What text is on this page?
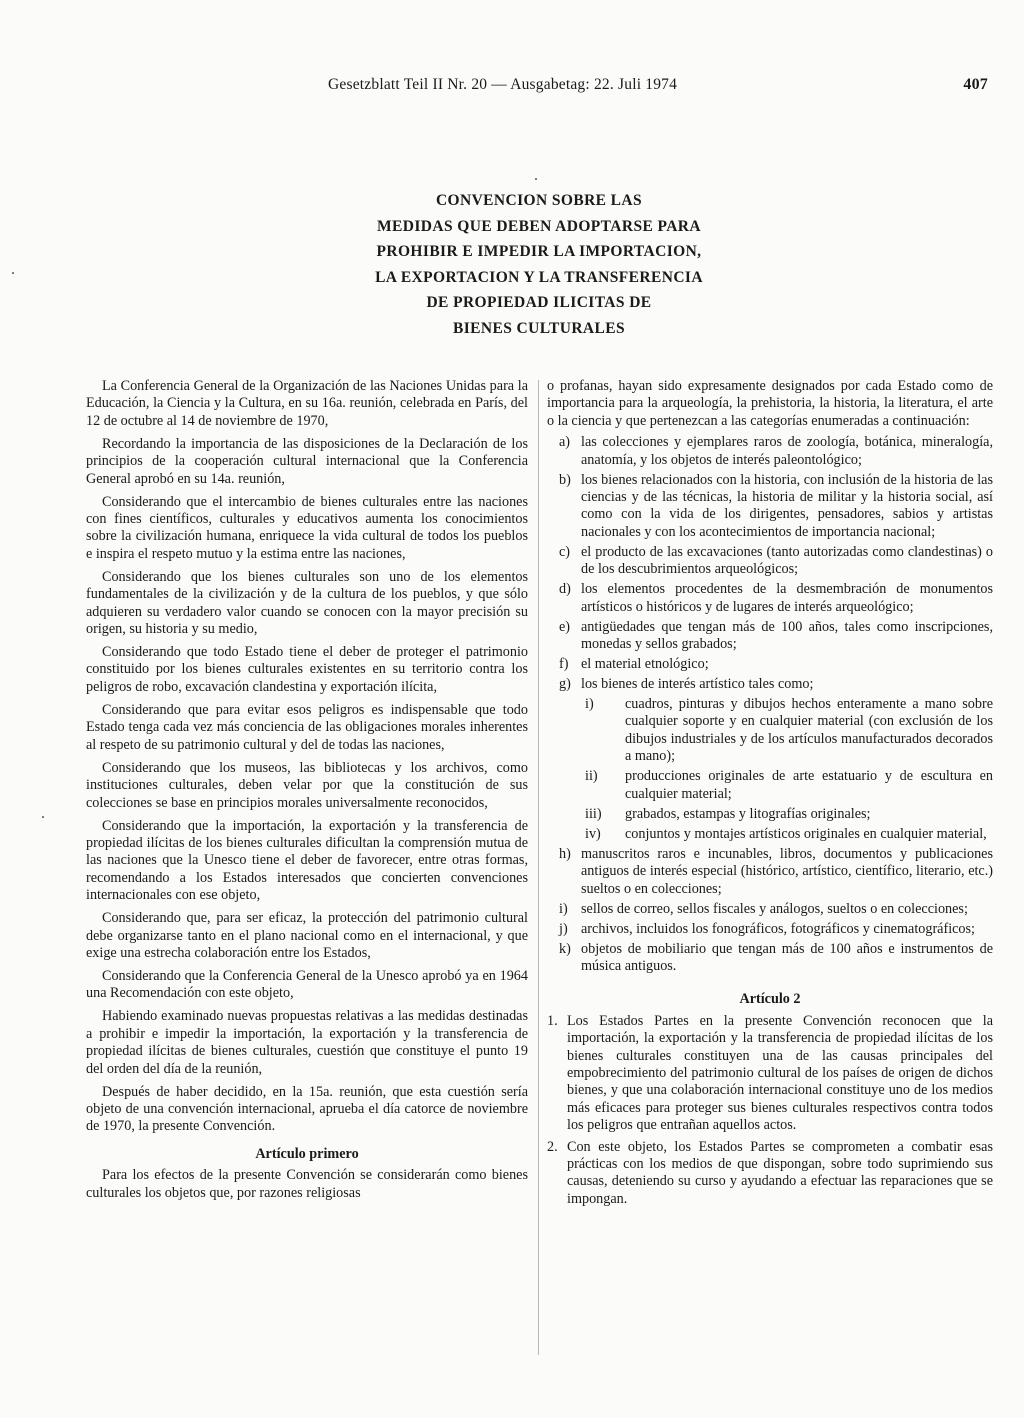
Gesetzblatt Teil II Nr. 20 — Ausgabetag: 22. Juli 1974	407
CONVENCION SOBRE LAS
MEDIDAS QUE DEBEN ADOPTARSE PARA
PROHIBIR E IMPEDIR LA IMPORTACION,
LA EXPORTACION Y LA TRANSFERENCIA
DE PROPIEDAD ILICITAS DE
BIENES CULTURALES

La Conferencia General de la Organización de las Naciones Unidas para la Educación, la Ciencia y la Cultura, en su 16a. reunión, celebrada en París, del 12 de octubre al 14 de noviembre de 1970,

Recordando la importancia de las disposiciones de la Declaración de los principios de la cooperación cultural internacional que la Conferencia General aprobó en su 14a. reunión,

Considerando que el intercambio de bienes culturales entre las naciones con fines científicos, culturales y educativos aumenta los conocimientos sobre la civilización humana, enriquece la vida cultural de todos los pueblos e inspira el respeto mutuo y la estima entre las naciones,

Considerando que los bienes culturales son uno de los elementos fundamentales de la civilización y de la cultura de los pueblos, y que sólo adquieren su verdadero valor cuando se conocen con la mayor precisión su origen, su historia y su medio,

Considerando que todo Estado tiene el deber de proteger el patrimonio constituido por los bienes culturales existentes en su territorio contra los peligros de robo, excavación clandestina y exportación ilícita,

Considerando que para evitar esos peligros es indispensable que todo Estado tenga cada vez más conciencia de las obligaciones morales inherentes al respeto de su patrimonio cultural y del de todas las naciones,

Considerando que los museos, las bibliotecas y los archivos, como instituciones culturales, deben velar por que la constitución de sus colecciones se base en principios morales universalmente reconocidos,

Considerando que la importación, la exportación y la transferencia de propiedad ilícitas de los bienes culturales dificultan la comprensión mutua de las naciones que la Unesco tiene el deber de favorecer, entre otras formas, recomendando a los Estados interesados que concierten convenciones internacionales con ese objeto,

Considerando que, para ser eficaz, la protección del patrimonio cultural debe organizarse tanto en el plano nacional como en el internacional, y que exige una estrecha colaboración entre los Estados,

Considerando que la Conferencia General de la Unesco aprobó ya en 1964 una Recomendación con este objeto,

Habiendo examinado nuevas propuestas relativas a las medidas destinadas a prohibir e impedir la importación, la exportación y la transferencia de propiedad ilícitas de bienes culturales, cuestión que constituye el punto 19 del orden del día de la reunión,

Después de haber decidido, en la 15a. reunión, que esta cuestión sería objeto de una convención internacional, aprueba el día catorce de noviembre de 1970, la presente Convención.

Artículo primero

Para los efectos de la presente Convención se considerarán como bienes culturales los objetos que, por razones religiosas

o profanas, hayan sido expresamente designados por cada Estado como de importancia para la arqueología, la prehistoria, la historia, la literatura, el arte o la ciencia y que pertenezcan a las categorías enumeradas a continuación:

a) las colecciones y ejemplares raros de zoología, botánica, mineralogía, anatomía, y los objetos de interés paleontológico;
b) los bienes relacionados con la historia, con inclusión de la historia de las ciencias y de las técnicas, la historia de militar y la historia social, así como con la vida de los dirigentes, pensadores, sabios y artistas nacionales y con los acontecimientos de importancia nacional;
c) el producto de las excavaciones (tanto autorizadas como clandestinas) o de los descubrimientos arqueológicos;
d) los elementos procedentes de la desmembración de monumentos artísticos o históricos y de lugares de interés arqueológico;
e) antigüedades que tengan más de 100 años, tales como inscripciones, monedas y sellos grabados;
f) el material etnológico;
g) los bienes de interés artístico tales como;
i)	cuadros, pinturas y dibujos hechos enteramente a mano sobre cualquier soporte y en cualquier material (con exclusión de los dibujos industriales y de los artículos manufacturados decorados a mano);
ii)	producciones originales de arte estatuario y de escultura en cualquier material;
iii)	grabados, estampas y litografías originales;
iv)	conjuntos y montajes artísticos originales en cualquier material,
h) manuscritos raros e incunables, libros, documentos y publicaciones antiguos de interés especial (histórico, artístico, científico, literario, etc.) sueltos o en colecciones;
i) sellos de correo, sellos fiscales y análogos, sueltos o en colecciones;
j) archivos, incluidos los fonográficos, fotográficos y cinematográficos;
k) objetos de mobiliario que tengan más de 100 años e instrumentos de música antiguos.
Artículo 2
1. Los Estados Partes en la presente Convención reconocen que la importación, la exportación y la transferencia de propiedad ilícitas de los bienes culturales constituyen una de las causas principales del empobrecimiento del patrimonio cultural de los países de origen de dichos bienes, y que una colaboración internacional constituye uno de los medios más eficaces para proteger sus bienes culturales respectivos contra todos los peligros que entrañan aquellos actos.
2. Con este objeto, los Estados Partes se comprometen a combatir esas prácticas con los medios de que dispongan, sobre todo suprimiendo sus causas, deteniendo su curso y ayudando a efectuar las reparaciones que se impongan.
